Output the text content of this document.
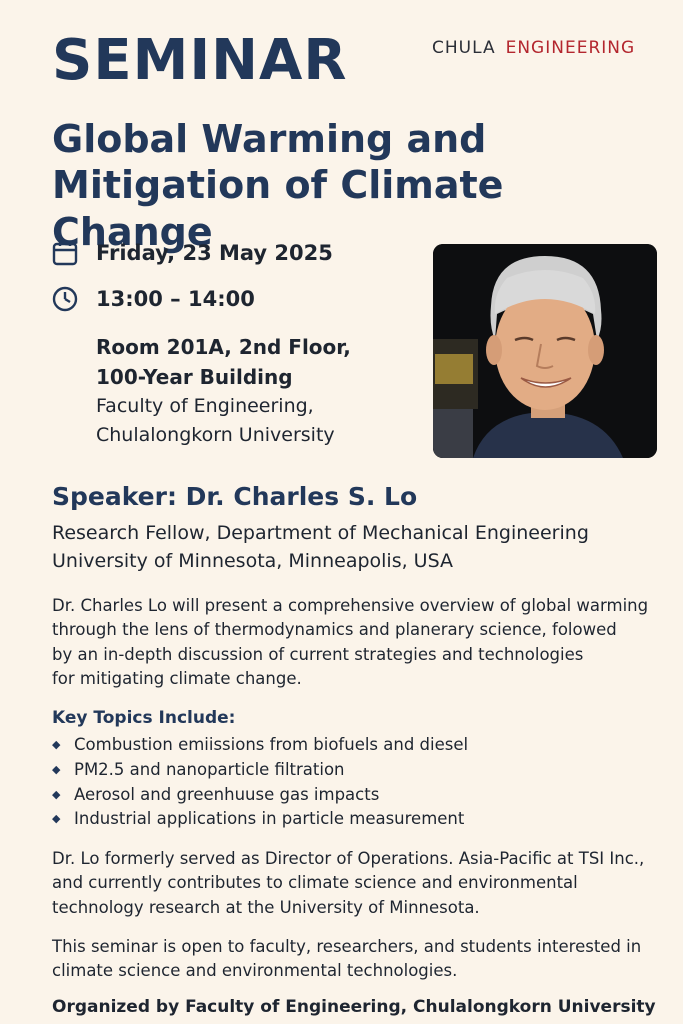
SEMINAR	CHULA ENGINEERING
Global Warming and
Mitigation of Climate Change
Friday, 23 May 2025
13:00 – 14:00
Room 201A, 2nd Floor,
100-Year Building
Faculty of Engineering,
Chulalongkorn University
Speaker: Dr. Charles S. Lo
Research Fellow, Department of Mechanical Engineering
University of Minnesota, Minneapolis, USA
Dr. Charles Lo will present a comprehensive overview of global warming
through the lens of thermodynamics and planerary science, folowed
by an in-depth discussion of current strategies and technologies
for mitigating climate change.
Key Topics Include:
◆ Combustion emiissions from biofuels and diesel
◆ PM2.5 and nanoparticle filtration
◆ Aerosol and greenhuuse gas impacts
◆ Industrial applications in particle measurement
Dr. Lo formerly served as Director of Operations. Asia-Pacific at TSI Inc.,
and currently contributes to climate science and environmental
technology research at the University of Minnesota.
This seminar is open to faculty, researchers, and students interested in
climate science and environmental technologies.
Organized by Faculty of Engineering, Chulalongkorn University
